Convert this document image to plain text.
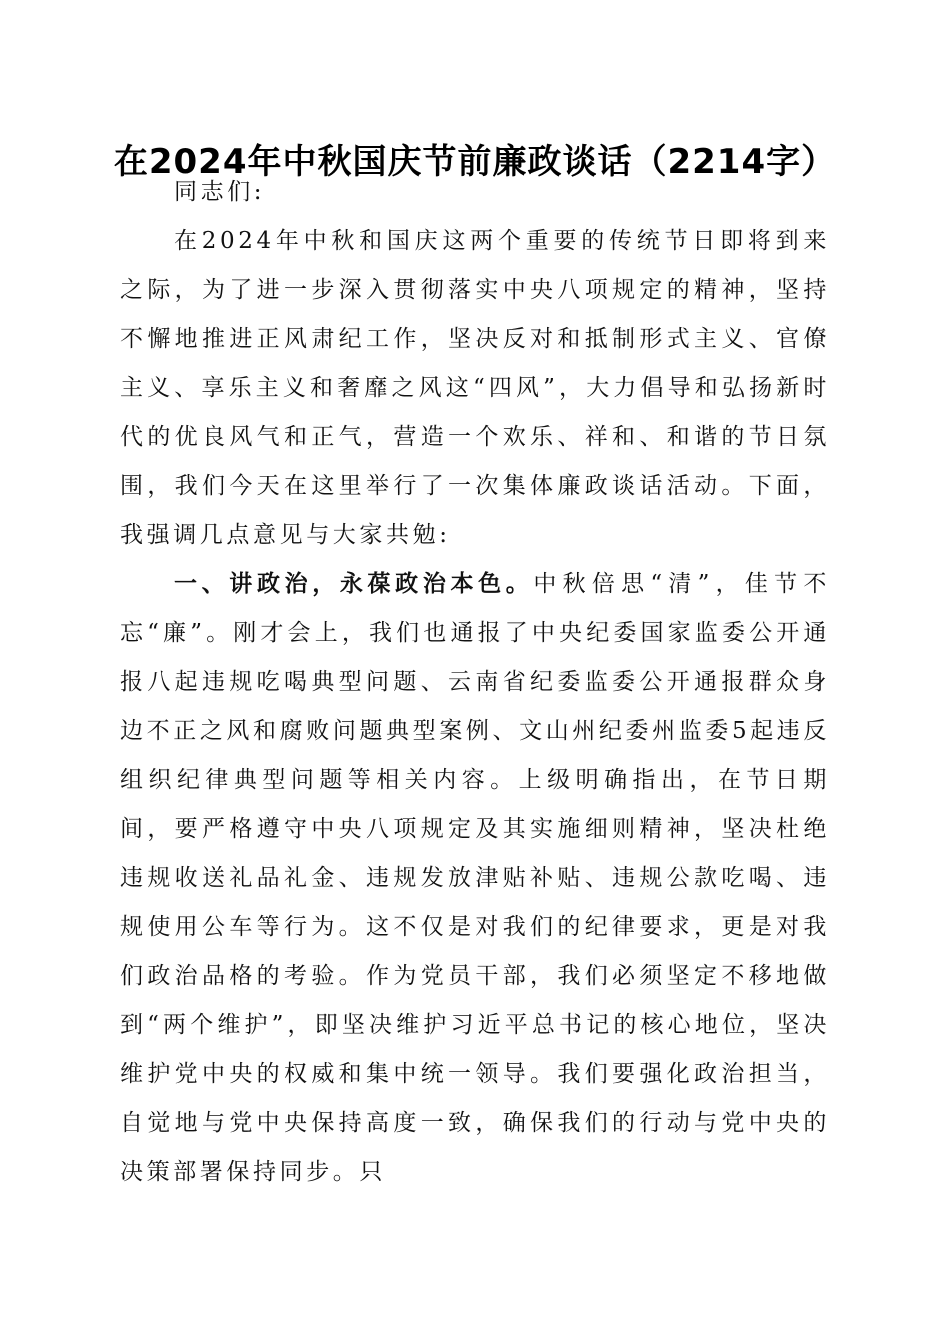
在2024年中秋国庆节前廉政谈话（2214字）

同志们:

在2024年中秋和国庆这两个重要的传统节日即将到来之际，为了进一步深入贯彻落实中央八项规定的精神，坚持不懈地推进正风肃纪工作，坚决反对和抵制形式主义、官僚主义、享乐主义和奢靡之风这“四风”，大力倡导和弘扬新时代的优良风气和正气，营造一个欢乐、祥和、和谐的节日氛围，我们今天在这里举行了一次集体廉政谈话活动。下面，我强调几点意见与大家共勉:

一、讲政治，永葆政治本色。中秋倍思“清”，佳节不忘“廉”。刚才会上，我们也通报了中央纪委国家监委公开通报八起违规吃喝典型问题、云南省纪委监委公开通报群众身边不正之风和腐败问题典型案例、文山州纪委州监委5起违反组织纪律典型问题等相关内容。上级明确指出，在节日期间，要严格遵守中央八项规定及其实施细则精神，坚决杜绝违规收送礼品礼金、违规发放津贴补贴、违规公款吃喝、违规使用公车等行为。这不仅是对我们的纪律要求，更是对我们政治品格的考验。作为党员干部，我们必须坚定不移地做到“两个维护”，即坚决维护习近平总书记的核心地位，坚决维护党中央的权威和集中统一领导。我们要强化政治担当，自觉地与党中央保持高度一致，确保我们的行动与党中央的决策部署保持同步。只
